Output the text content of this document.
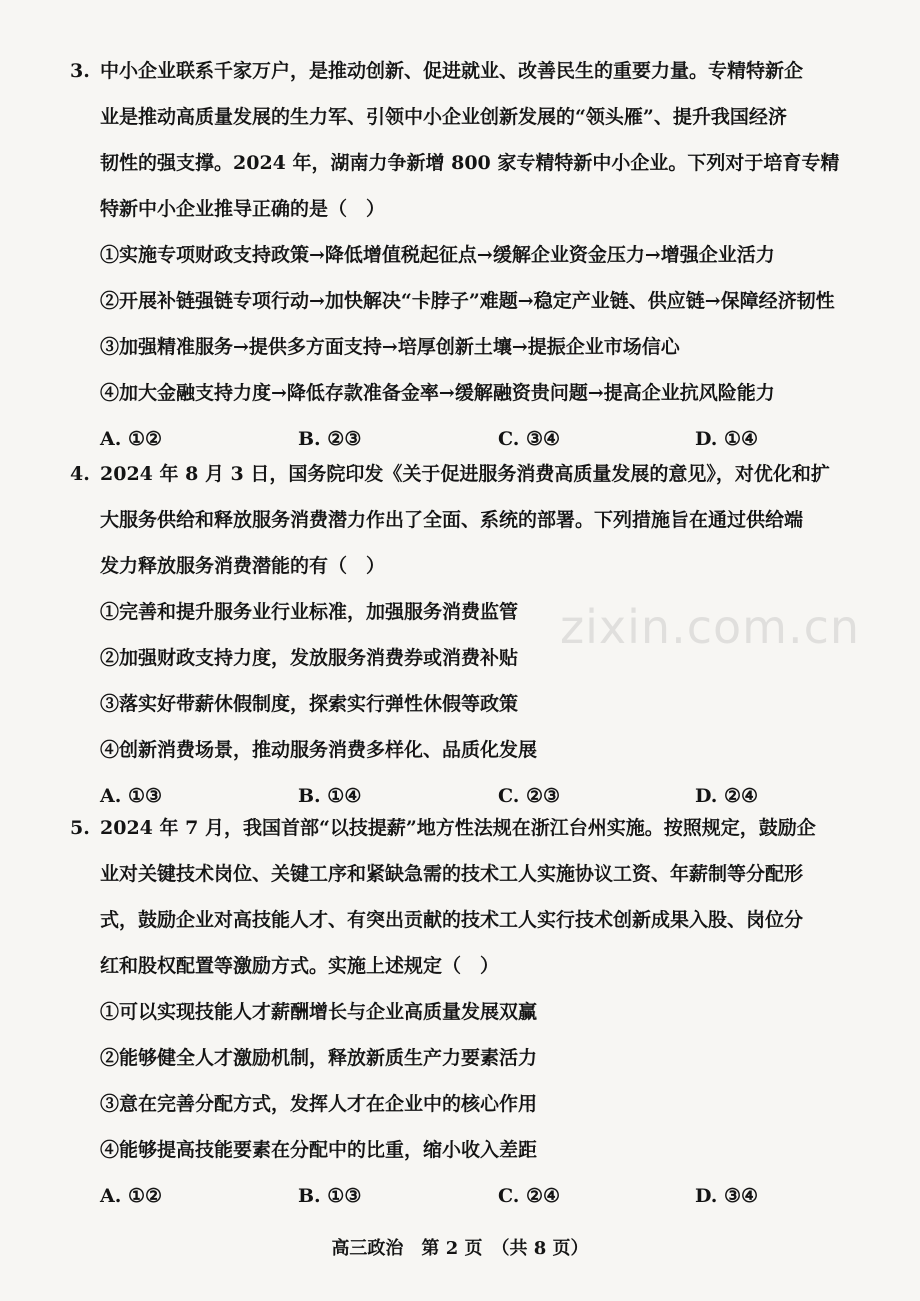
3. 中小企业联系千家万户，是推动创新、促进就业、改善民生的重要力量。专精特新企
业是推动高质量发展的生力军、引领中小企业创新发展的“领头雁”、提升我国经济
韧性的强支撑。2024 年，湖南力争新增 800 家专精特新中小企业。下列对于培育专精
特新中小企业推导正确的是（　）
①实施专项财政支持政策→降低增值税起征点→缓解企业资金压力→增强企业活力
②开展补链强链专项行动→加快解决“卡脖子”难题→稳定产业链、供应链→保障经济韧性
③加强精准服务→提供多方面支持→培厚创新土壤→提振企业市场信心
④加大金融支持力度→降低存款准备金率→缓解融资贵问题→提高企业抗风险能力
A. ①②	B. ②③	C. ③④	D. ①④
4. 2024 年 8 月 3 日，国务院印发《关于促进服务消费高质量发展的意见》，对优化和扩
大服务供给和释放服务消费潜力作出了全面、系统的部署。下列措施旨在通过供给端
发力释放服务消费潜能的有（　）
①完善和提升服务业行业标准，加强服务消费监管
②加强财政支持力度，发放服务消费券或消费补贴
③落实好带薪休假制度，探索实行弹性休假等政策
④创新消费场景，推动服务消费多样化、品质化发展
A. ①③	B. ①④	C. ②③	D. ②④
5. 2024 年 7 月，我国首部“以技提薪”地方性法规在浙江台州实施。按照规定，鼓励企
业对关键技术岗位、关键工序和紧缺急需的技术工人实施协议工资、年薪制等分配形
式，鼓励企业对高技能人才、有突出贡献的技术工人实行技术创新成果入股、岗位分
红和股权配置等激励方式。实施上述规定（　）
①可以实现技能人才薪酬增长与企业高质量发展双赢
②能够健全人才激励机制，释放新质生产力要素活力
③意在完善分配方式，发挥人才在企业中的核心作用
④能够提高技能要素在分配中的比重，缩小收入差距
A. ①②	B. ①③	C. ②④	D. ③④
zixin.com.cn
高三政治　第 2 页　（共 8 页）
